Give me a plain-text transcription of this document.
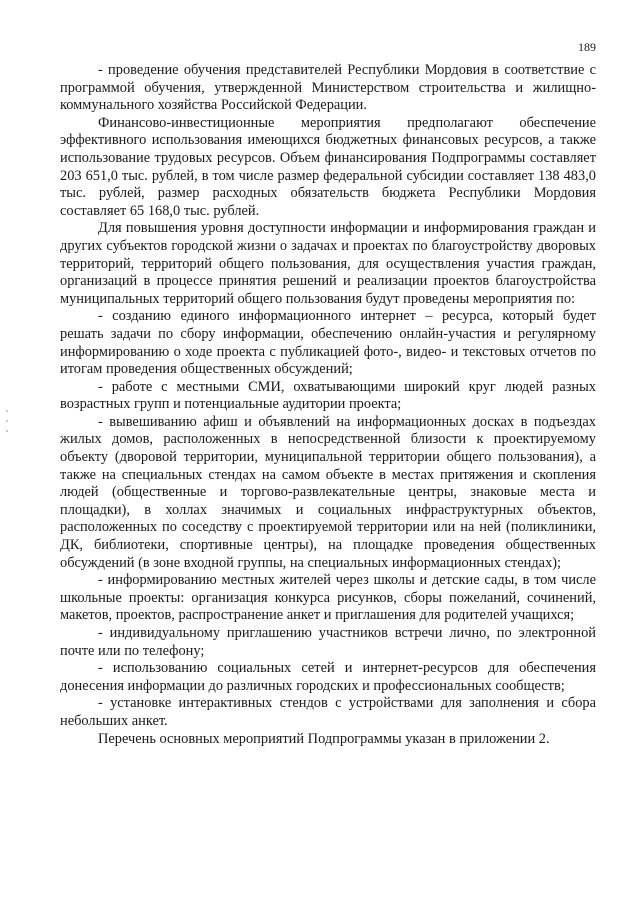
189

- проведение обучения представителей Республики Мордовия в соответствие с программой обучения, утвержденной Министерством строительства и жилищно-коммунального хозяйства Российской Федерации.

Финансово-инвестиционные мероприятия предполагают обеспечение эффективного использования имеющихся бюджетных финансовых ресурсов, а также использование трудовых ресурсов. Объем финансирования Подпрограммы составляет 203 651,0 тыс. рублей, в том числе размер федеральной субсидии составляет 138 483,0 тыс. рублей, размер расходных обязательств бюджета Республики Мордовия составляет 65 168,0 тыс. рублей.

Для повышения уровня доступности информации и информирования граждан и других субъектов городской жизни о задачах и проектах по благоустройству дворовых территорий, территорий общего пользования, для осуществления участия граждан, организаций в процессе принятия решений и реализации проектов благоустройства муниципальных территорий общего пользования будут проведены мероприятия по:

- созданию единого информационного интернет – ресурса, который будет решать задачи по сбору информации, обеспечению онлайн-участия и регулярному информированию о ходе проекта с публикацией фото-, видео- и текстовых отчетов по итогам проведения общественных обсуждений;

- работе с местными СМИ, охватывающими широкий круг людей разных возрастных групп и потенциальные аудитории проекта;

- вывешиванию афиш и объявлений на информационных досках в подъездах жилых домов, расположенных в непосредственной близости к проектируемому объекту (дворовой территории, муниципальной территории общего пользования), а также на специальных стендах на самом объекте в местах притяжения и скопления людей (общественные и торгово-развлекательные центры, знаковые места и площадки), в холлах значимых и социальных инфраструктурных объектов, расположенных по соседству с проектируемой территории или на ней (поликлиники, ДК, библиотеки, спортивные центры), на площадке проведения общественных обсуждений (в зоне входной группы, на специальных информационных стендах);

- информированию местных жителей через школы и детские сады, в том числе школьные проекты: организация конкурса рисунков, сборы пожеланий, сочинений, макетов, проектов, распространение анкет и приглашения для родителей учащихся;

- индивидуальному приглашению участников встречи лично, по электронной почте или по телефону;

- использованию социальных сетей и интернет-ресурсов для обеспечения донесения информации до различных городских и профессиональных сообществ;

- установке интерактивных стендов с устройствами для заполнения и сбора небольших анкет.

Перечень основных мероприятий Подпрограммы указан в приложении 2.
